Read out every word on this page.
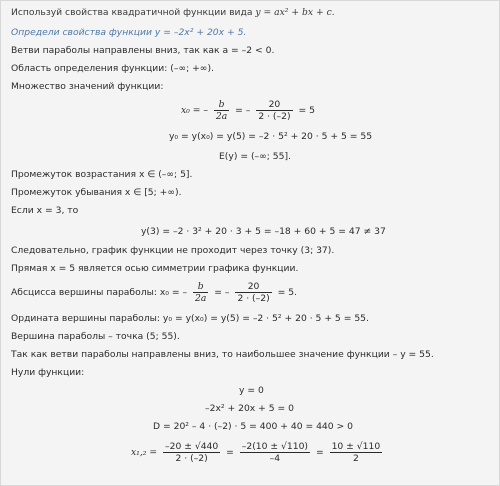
Используй свойства квадратичной функции вида y = ax² + bx + c.
Определи свойства функции y = –2x² + 20x + 5.
Ветви параболы направлены вниз, так как a = –2 < 0.
Область определения функции: (–∞; +∞).
Множество значений функции:
x₀ = – $\frac{b}{2a}$ = – $\frac{20}{2 \cdot (-2)} = 5$
y₀ = y(x₀) = y(5) = –2 · 5² + 20 · 5 + 5 = 55
E(y) = (–∞; 55].
Промежуток возрастания x ∈ (–∞; 5].
Промежуток убывания x ∈ [5; +∞).
Если x = 3, то
y(3) = –2 · 3² + 20 · 3 + 5 = –18 + 60 + 5 = 47 ≠ 37
Следовательно, график функции не проходит через точку (3; 37).
Прямая x = 5 является осью симметрии графика функции.
Абсцисса вершины параболы: x₀ = – $\frac{b}{2a}$ = – $\frac{20}{2 \cdot (-2)} = 5$.
Ордината вершины параболы: y₀ = y(x₀) = y(5) = –2 · 5² + 20 · 5 + 5 = 55.
Вершина параболы – точка (5; 55).
Так как ветви параболы направлены вниз, то наибольшее значение функции – y = 55.
Нули функции:
y = 0
–2x² + 20x + 5 = 0
D = 20² – 4 · (–2) · 5 = 400 + 40 = 440 > 0
$x_1,_2 = \frac{-20 \pm √440}{2 \cdot (-2)} = \frac{-2(10 \pm √110)}{-4} = \frac{10 \pm √110}{2}$
